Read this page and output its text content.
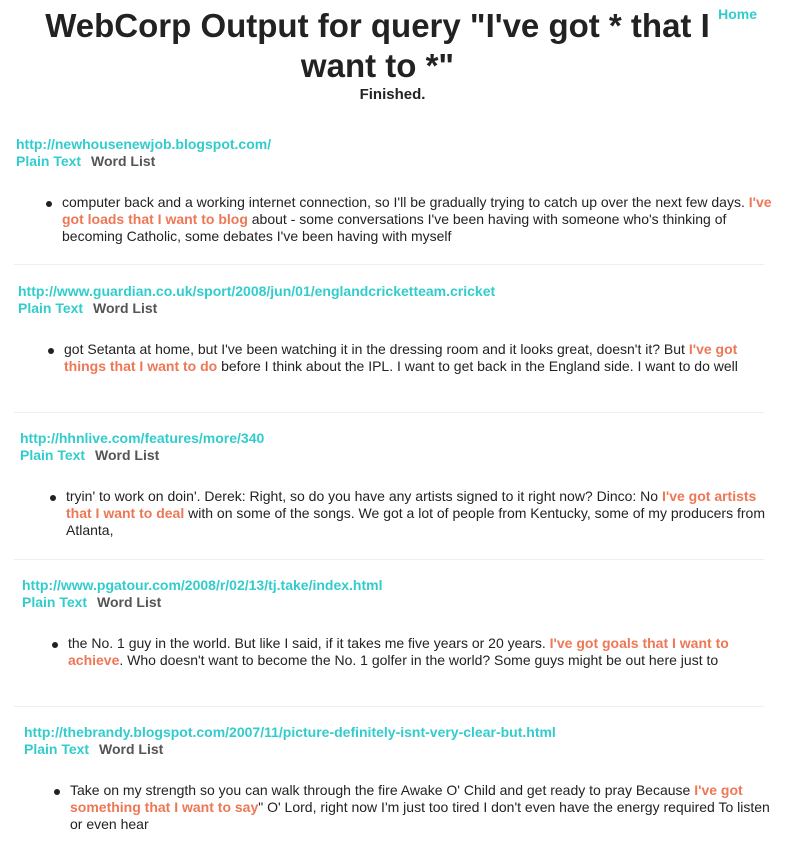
Home
WebCorp Output for query "I've got * that I want to *"
Finished.
http://newhousenewjob.blogspot.com/
Plain Text Word List
computer back and a working internet connection, so I'll be gradually trying to catch up over the next few days. I've got loads that I want to blog about - some conversations I've been having with someone who's thinking of becoming Catholic, some debates I've been having with myself
http://www.guardian.co.uk/sport/2008/jun/01/englandcricketteam.cricket
Plain Text Word List
got Setanta at home, but I've been watching it in the dressing room and it looks great, doesn't it? But I've got things that I want to do before I think about the IPL. I want to get back in the England side. I want to do well
http://hhnlive.com/features/more/340
Plain Text Word List
tryin' to work on doin'. Derek: Right, so do you have any artists signed to it right now? Dinco: No I've got artists that I want to deal with on some of the songs. We got a lot of people from Kentucky, some of my producers from Atlanta,
http://www.pgatour.com/2008/r/02/13/tj.take/index.html
Plain Text Word List
the No. 1 guy in the world. But like I said, if it takes me five years or 20 years. I've got goals that I want to achieve. Who doesn't want to become the No. 1 golfer in the world? Some guys might be out here just to
http://thebrandy.blogspot.com/2007/11/picture-definitely-isnt-very-clear-but.html
Plain Text Word List
Take on my strength so you can walk through the fire Awake O' Child and get ready to pray Because I've got something that I want to say" O' Lord, right now I'm just too tired I don't even have the energy required To listen or even hear
